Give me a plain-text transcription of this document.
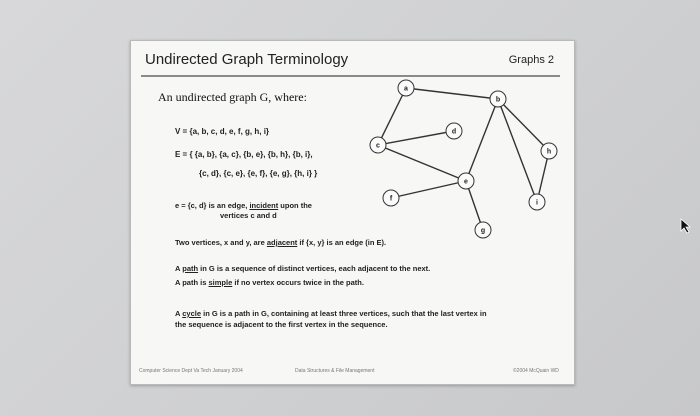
Undirected Graph Terminology	Graphs 2
An undirected graph G, where:
V = {a, b, c, d, e, f, g, h, i}
E = { {a, b}, {a, c}, {b, e}, {b, h}, {b, i},
{c, d}, {c, e}, {e, f}, {e, g}, {h, i} }
e = {c, d} is an edge, incident upon the
vertices c and d
Two vertices, x and y, are adjacent if {x, y} is an edge (in E).
A path in G is a sequence of distinct vertices, each adjacent to the next.
A path is simple if no vertex occurs twice in the path.
A cycle in G is a path in G, containing at least three vertices, such that the last vertex in
the sequence is adjacent to the first vertex in the sequence.
a
b
c
d
e
f
g
h
i
Computer Science Dept Va Tech January 2004	Data Structures & File Management	©2004 McQuain WD
